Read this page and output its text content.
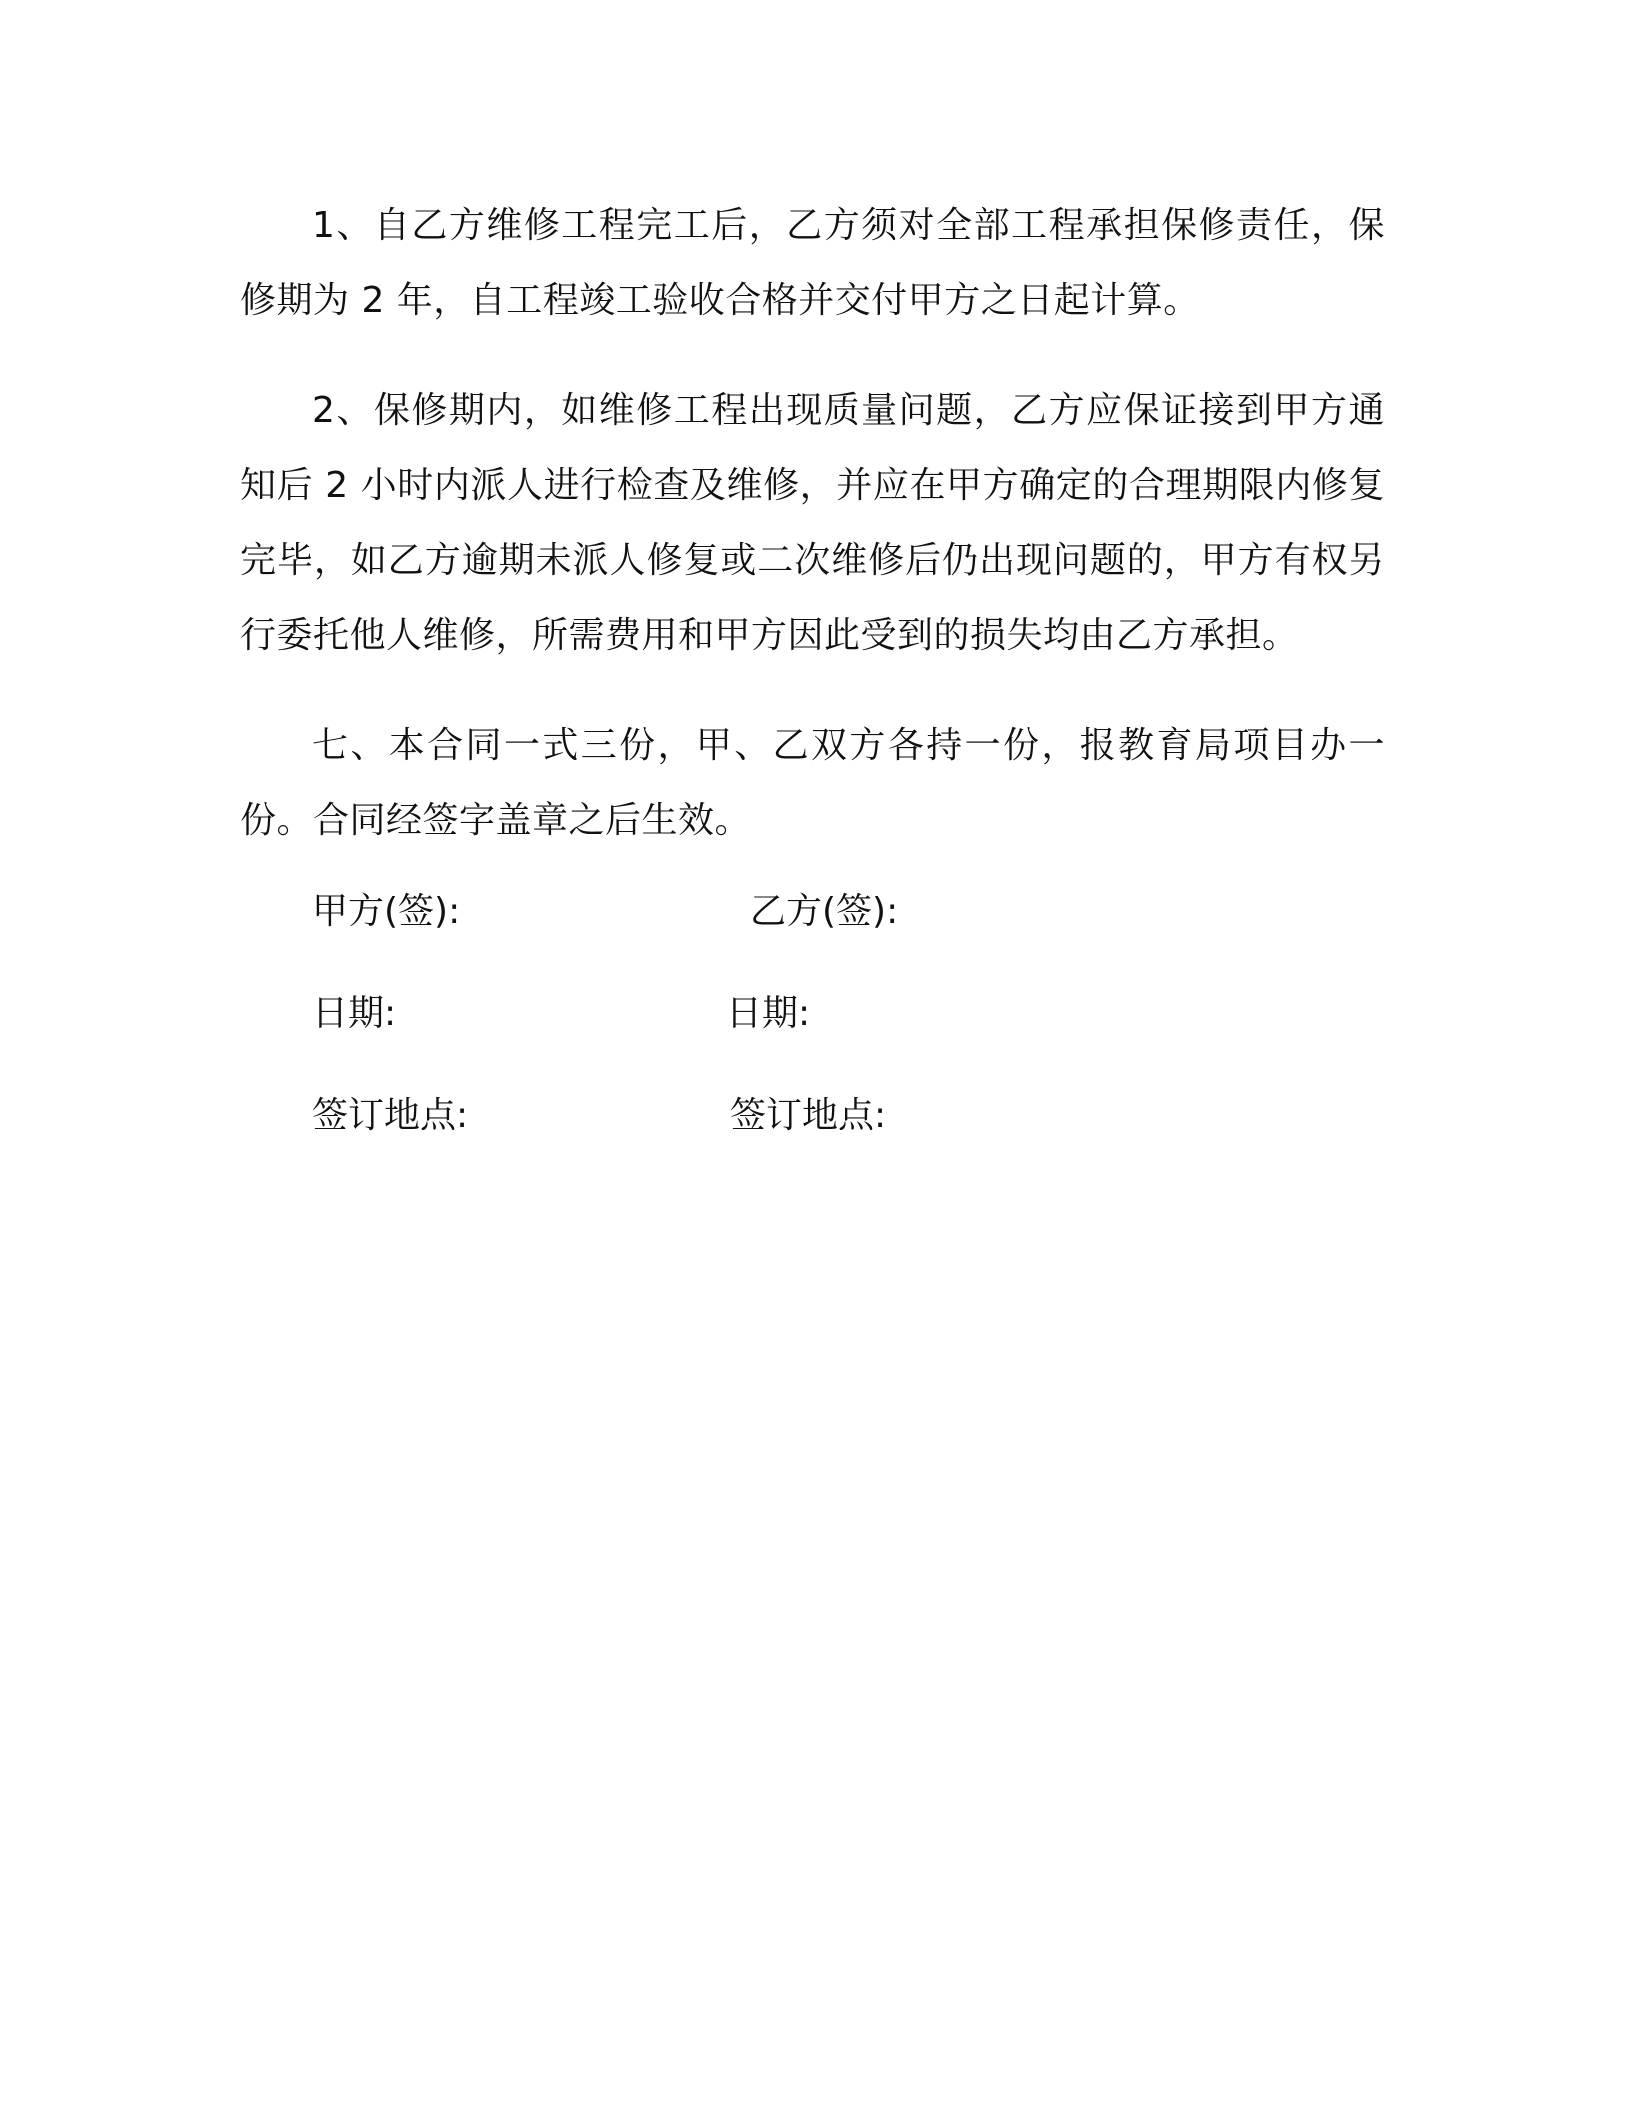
1、自乙方维修工程完工后，乙方须对全部工程承担保修责任，保修期为 2 年，自工程竣工验收合格并交付甲方之日起计算。

2、保修期内，如维修工程出现质量问题，乙方应保证接到甲方通知后 2 小时内派人进行检查及维修，并应在甲方确定的合理期限内修复完毕，如乙方逾期未派人修复或二次维修后仍出现问题的，甲方有权另行委托他人维修，所需费用和甲方因此受到的损失均由乙方承担。

七、本合同一式三份，甲、乙双方各持一份，报教育局项目办一份。合同经签字盖章之后生效。

甲方(签):	乙方(签):
日期:	日期:
签订地点:	签订地点:
